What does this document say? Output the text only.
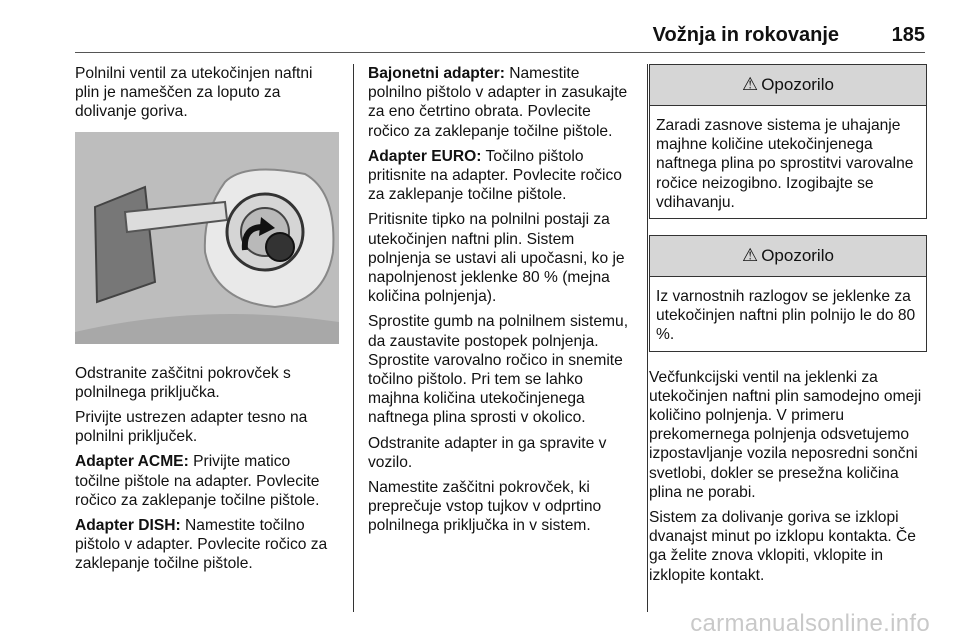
Vožnja in rokovanje	185

Polnilni ventil za utekočinjen naftni plin je nameščen za loputo za dolivanje goriva.

Odstranite zaščitni pokrovček s polnilnega priključka.

Privijte ustrezen adapter tesno na polnilni priključek.

Adapter ACME: Privijte matico točilne pištole na adapter. Povlecite ročico za zaklepanje točilne pištole.

Adapter DISH: Namestite točilno pištolo v adapter. Povlecite ročico za zaklepanje točilne pištole.

Bajonetni adapter: Namestite polnilno pištolo v adapter in zasukajte za eno četrtino obrata. Povlecite ročico za zaklepanje točilne pištole.

Adapter EURO: Točilno pištolo pritisnite na adapter. Povlecite ročico za zaklepanje točilne pištole.

Pritisnite tipko na polnilni postaji za utekočinjen naftni plin. Sistem polnjenja se ustavi ali upočasni, ko je napolnjenost jeklenke 80 % (mejna količina polnjenja).

Sprostite gumb na polnilnem sistemu, da zaustavite postopek polnjenja. Sprostite varovalno ročico in snemite točilno pištolo. Pri tem se lahko majhna količina utekočinjenega naftnega plina sprosti v okolico.

Odstranite adapter in ga spravite v vozilo.

Namestite zaščitni pokrovček, ki preprečuje vstop tujkov v odprtino polnilnega priključka in v sistem.

⚠ Opozorilo
Zaradi zasnove sistema je uhajanje majhne količine utekočinjenega naftnega plina po sprostitvi varovalne ročice neizogibno. Izogibajte se vdihavanju.
⚠ Opozorilo
Iz varnostnih razlogov se jeklenke za utekočinjen naftni plin polnijo le do 80 %.

Večfunkcijski ventil na jeklenki za utekočinjen naftni plin samodejno omeji količino polnjenja. V primeru prekomernega polnjenja odsvetujemo izpostavljanje vozila neposredni sončni svetlobi, dokler se presežna količina plina ne porabi.

Sistem za dolivanje goriva se izklopi dvanajst minut po izklopu kontakta. Če ga želite znova vklopiti, vklopite in izklopite kontakt.

carmanualsonline.info
